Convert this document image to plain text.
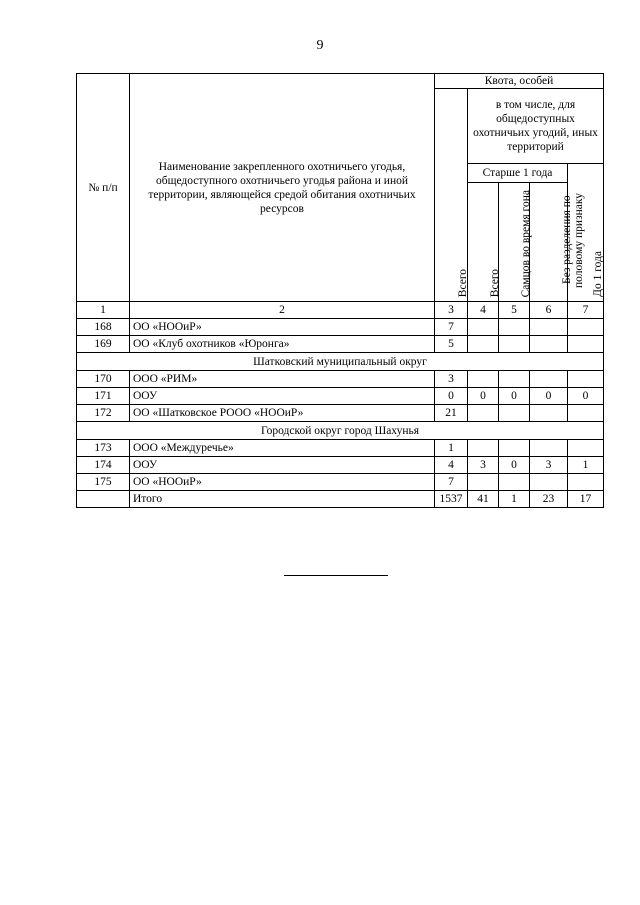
9
№ п/п	Наименование закрепленного охотничьего угодья, общедоступного охотничьего угодья района и иной территории, являющейся средой обитания охотничьих ресурсов	Квота, особей				

		Всего	в том числе, для общедоступных охотничьих угодий, иных территорий			
			Старше 1 года			До 1 года

			Всего	Самцов во время гона	Без разделения по половому признаку	

1	2	3	4	5	6	7
168	ОО «НООиР»	7				
169	ОО «Клуб охотников «Юронга»	5				
Шатковский муниципальный округ						
170	ООО «РИМ»	3				
171	ООУ	0	0	0	0	0
172	ОО «Шатковское РООО «НООиР»	21				
Городской округ город Шахунья						
173	ООО «Междуречье»	1				
174	ООУ	4	3	0	3	1
175	ОО «НООиР»	7				
	Итого	1537	41	1	23	17
